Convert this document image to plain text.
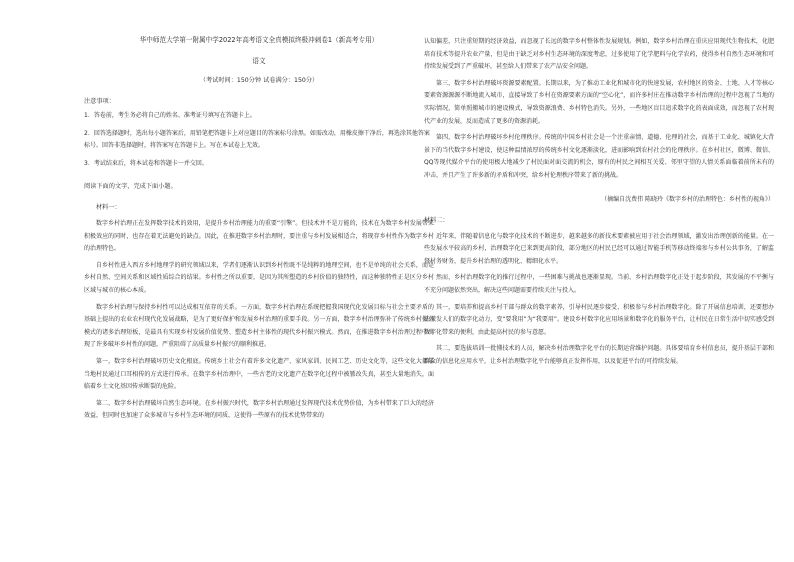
华中师范大学第一附属中学2022年高考语文全真模拟终极冲刺卷1（新高考专用）

语文

（考试时间：150分钟 试卷满分：150分）

注意事项：

1．答卷前，考生务必将自己的姓名、准考证号填写在答题卡上。

2．回答选择题时，选出每小题答案后，用铅笔把答题卡上对应题目的答案标号涂黑。如需改动，用橡皮擦干净后，再选涂其他答案标号。回答非选择题时，将答案写在答题卡上。写在本试卷上无效。

3．考试结束后，将本试卷和答题卡一并交回。

阅读下面的文字，完成下面小题。

材料一：

数字乡村治理正在发挥数字技术的效用，是提升乡村治理能力的重要“引擎”。但技术并不是万能的，技术在为数字乡村发展带来积极效应的同时，也存在着无法避免的缺点。因此，在推进数字乡村治理时，要注重与乡村发展相适合，将现存乡村性作为数字乡村的治理特色。

自乡村性进入西方乡村地理学的研究领域以来，学者们逐渐认识到乡村性既不是纯粹的地理空间，也不是单纯的社会关系，而是乡村自然、空间关系和区域性质综合的结果。乡村性之所以重要，是因为其所塑造的乡村价值的独特性，而这种独特性正是区分乡村区域与城市的核心本质。

数字乡村治理与保持乡村性可以达成相互依存的关系。一方面，数字乡村治理在系统把握我国现代化发展目标与社会主要矛盾的基础上提出的农业农村现代化发展战略，是为了更好保护和发展乡村治理的重要手段。另一方面，数字乡村治理弥补了传统乡村振兴模式的诸多治理短板，是最具有实现乡村发展价值优势、塑造乡村主体性的现代乡村振兴模式。然而，在推进数字乡村治理过程中出现了许多破坏乡村性的问题，严重阻碍了高质量乡村振兴的顺利推进。

第一，数字乡村治理破坏历史文化根底。传统乡土社会有着许多文化遗产、家风家训、民间工艺、历史文化等，这些文化大都靠当地村民通过口耳相传的方式进行传承。在数字乡村治理中，一些古老的文化遗产在数字化过程中被篡改失真，甚至大量地消失，面临着乡土文化基因传承断裂的危险。

第二，数字乡村治理破坏自然生态环境。在乡村振兴时代，数字乡村治理通过发挥现代技术优势价值，为乡村带来了巨大的经济效益，但同时也加速了众多城市与乡村生态环境的同质，这使得一些原有的技术优势带来的

认知偏差，只注重短期的经济效益，而忽视了长远的数字乡村整体性发展规划。例如，数字乡村治理在重庆应用现代生物技术，化肥培育技术等提升农业产量，但是由于缺乏对乡村生态环境的深度考虑，过多使用了化学肥料与化学农药，使得乡村自然生态环境和可持续发展受到了严重破坏，甚至给人们带来了农产品安全问题。

第三，数字乡村治理破坏资源要素配置。长期以来，为了推动工业化和城市化的快速发展，农村地区的资金、土地、人才等核心要素资源源源不断地流入城市，直接导致了乡村在资源要素方面的“空心化”，而许多村庄在推动数字乡村治理的过程中忽视了当地的实际情况，简单照搬城市的建设模式，导致资源浪费、乡村特色消失。另外，一些地区盲目追求数字化的表面成效，而忽视了农村现代产业的发展，反而造成了更多的资源消耗。

第四，数字乡村治理破坏乡村伦理秩序。传统的中国乡村社会是一个注重亲情、道德、伦理的社会，而基于工业化、城镇化大背景下的当代数字乡村建设，使这种温情浓厚的传统乡村文化逐渐淡化，进而影响到农村社会的伦理秩序。在乡村社区，微博、微信、QQ等现代媒介平台的使用极大地减少了村民面对面交流的机会，原有的村民之间相互关爱、邻里守望的人情关系面临着前所未有的冲击，并且产生了许多新的矛盾和冲突，给乡村伦理秩序带来了新的挑战。

（摘编自沈费伟 陈晓玲《数字乡村的治理特色：乡村性的视角》）

材料二：

近年来，伴随着信息化与数字化技术的不断进步，越来越多的新技术要素被应用于社会治理领域，激发出治理创新的能量。在一些发展水平较高的乡村，治理数字化已来到更高阶段，部分地区的村民已经可以通过智能手机等移动终端参与乡村公共事务，了解监督村务财务，提升乡村治理的透明化、精细化水平。

然而，乡村治理数字化的推行过程中，一些困难与挑战也逐渐显现。当前，乡村治理数字化正处于起步阶段，其发展的不平衡与不充分问题依然突出，解决这些问题需要持续关注与投入。

其一，要培养和提高乡村干部与群众的数字素养，引导村民逐步接受、积极参与乡村治理数字化。除了开展信息培训，还要想办法激发人们的数字化动力，变“要我用”为“我要用”。建设乡村数字化应用场景和数字化的服务平台，让村民在日常生活中切实感受到数字化带来的便利，由此提高村民的参与意愿。

其二，要选拔培训一批懂技术的人员，解决乡村治理数字化平台的长期运营维护问题。具体要培育乡村信息员，提升基层干部和群众的信息化应用水平，让乡村治理数字化平台能够真正发挥作用，以及促进平台的可持续发展。
